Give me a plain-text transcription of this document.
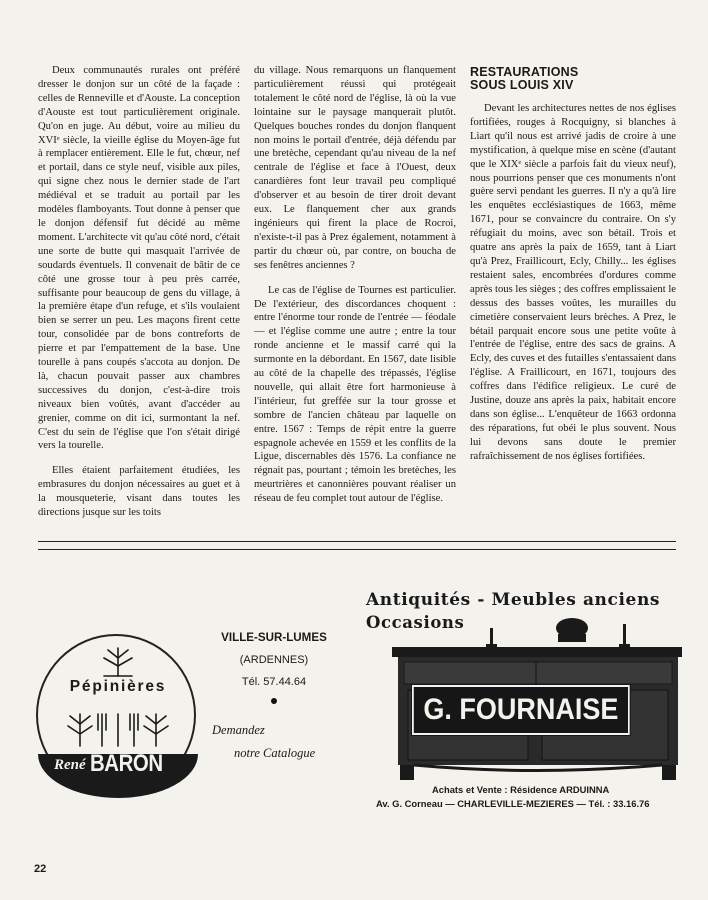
Deux communautés rurales ont préféré dresser le donjon sur un côté de la façade : celles de Renneville et d'Aouste. La conception d'Aouste est tout particulièrement originale. Qu'on en juge. Au début, voire au milieu du XVIᵉ siècle, la vieille église du Moyen-âge fut à remplacer entièrement. Elle le fut, chœur, nef et portail, dans ce style neuf, visible aux piles, qui signe chez nous le dernier stade de l'art médiéval et se traduit au portail par les modèles flamboyants. Tout donne à penser que le donjon défensif fut décidé au même moment. L'architecte vit qu'au côté nord, c'était une sorte de butte qui masquait l'arrivée de soudards éventuels. Il convenait de bâtir de ce côté une grosse tour à peu près carrée, suffisante pour beaucoup de gens du village, à la première étape d'un refuge, et s'ils voulaient bien se serrer un peu. Les maçons firent cette tour, consolidée par de bons contreforts de pierre et par l'empattement de la base. Une tourelle à pans coupés s'accota au donjon. De là, chacun pouvait passer aux chambres successives du donjon, c'est-à-dire trois niveaux bien voûtés, avant d'accéder au grenier, comme on dit ici, surmontant la nef. C'est du sein de l'église que l'on s'était dirigé vers la tourelle.

Elles étaient parfaitement étudiées, les embrasures du donjon nécessaires au guet et à la mousqueterie, visant dans toutes les directions jusque sur les toits

du village. Nous remarquons un flanquement particulièrement réussi qui protégeait totalement le côté nord de l'église, là où la vue lointaine sur le paysage manquerait plutôt. Quelques bouches rondes du donjon flanquent non moins le portail d'entrée, déjà défendu par une bretèche, cependant qu'au niveau de la nef centrale de l'église et face à l'Ouest, deux canardières font leur travail peu compliqué d'observer et au besoin de tirer droit devant eux. Le flanquement cher aux grands ingénieurs qui firent la place de Rocroi, n'existe-t-il pas à Prez également, notamment à partir du chœur où, par contre, on boucha de ses fenêtres anciennes ?

Le cas de l'église de Tournes est particulier. De l'extérieur, des discordances choquent : entre l'énorme tour ronde de l'entrée — féodale — et l'église comme une autre ; entre la tour ronde ancienne et le massif carré qui la surmonte en la débordant. En 1567, date lisible au côté de la chapelle des trépassés, l'église nouvelle, qui allait être fort harmonieuse à l'intérieur, fut greffée sur la tour grosse et sombre de l'ancien château par laquelle on entre. 1567 : Temps de répit entre la guerre espagnole achevée en 1559 et les conflits de la Ligue, discernables dès 1576. La confiance ne régnait pas, pourtant ; témoin les bretèches, les meurtrières et canonnières pouvant réaliser un réseau de feu complet tout autour de l'église.

RESTAURATIONS
SOUS LOUIS XIV

Devant les architectures nettes de nos églises fortifiées, rouges à Rocquigny, si blanches à Liart qu'il nous est arrivé jadis de croire à une mystification, à quelque mise en scène (d'autant que le XIXᵉ siècle a parfois fait du vieux neuf), nous pourrions penser que ces monuments n'ont guère servi pendant les guerres. Il n'y a qu'à lire les enquêtes ecclésiastiques de 1663, même 1671, pour se convaincre du contraire. On s'y réfugiait du moins, avec son bétail. Trois et quatre ans après la paix de 1659, tant à Liart qu'à Prez, Fraillicourt, Ecly, Chilly... les églises restaient sales, encombrées d'ordures comme après tous les sièges ; des coffres emplissaient le dessus des basses voûtes, les murailles du cimetière conservaient leurs brèches. A Prez, le bétail parquait encore sous une petite voûte à l'entrée de l'église, entre des sacs de grains. A Ecly, des cuves et des futailles s'entassaient dans l'église. A Fraillicourt, en 1671, toujours des coffres dans l'édifice religieux. Le curé de Justine, douze ans après la paix, habitait encore dans son église... L'enquêteur de 1663 ordonna des réparations, fut obéi le plus souvent. Nous lui devons sans doute le premier rafraîchissement de nos églises fortifiées.

Pépinières
René BARON
VILLE-SUR-LUMES
(ARDENNES)
Tél. 57.44.64
Demandez
notre Catalogue
Antiquités - Meubles anciens
Occasions
G. FOURNAISE
Achats et Vente : Résidence ARDUINNA
Av. G. Corneau — CHARLEVILLE-MEZIERES — Tél. : 33.16.76
22
